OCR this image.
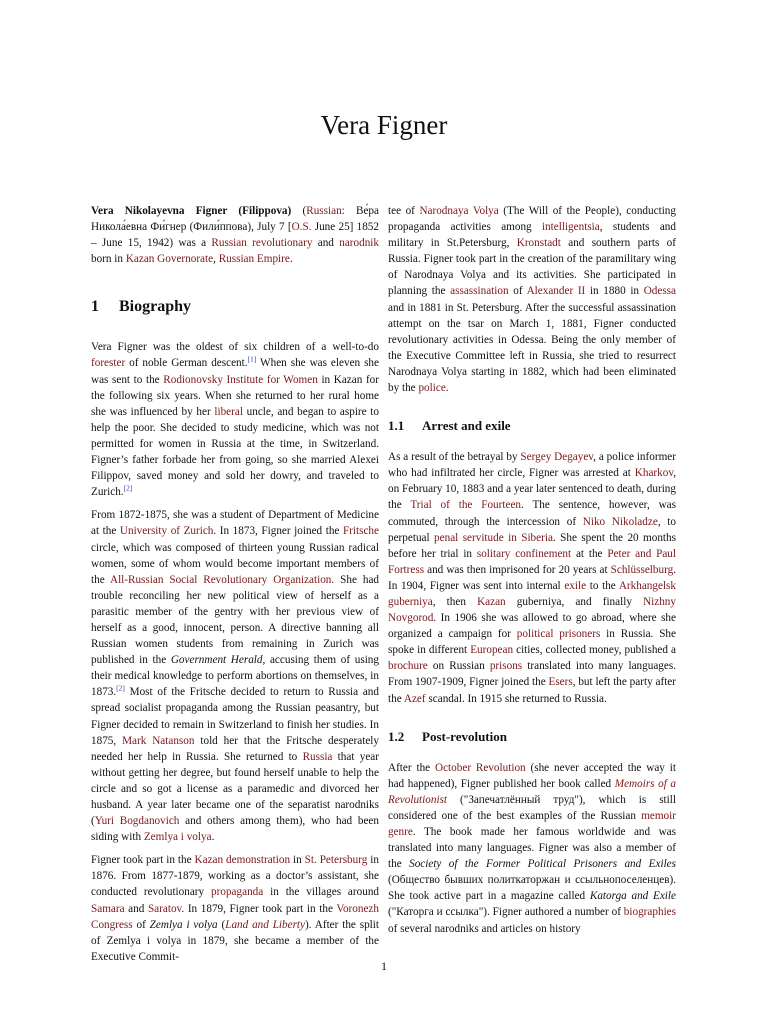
Vera Figner

Vera Nikolayevna Figner (Filippova) (Russian: Ве́ра Никола́евна Фи́гнер (Фили́ппова), July 7 [O.S. June 25] 1852 – June 15, 1942) was a Russian revolutionary and narodnik born in Kazan Governorate, Russian Empire.

1 Biography

Vera Figner was the oldest of six children of a well-to-do forester of noble German descent.[1] When she was eleven she was sent to the Rodionovsky Institute for Women in Kazan for the following six years. When she returned to her rural home she was influenced by her liberal uncle, and began to aspire to help the poor. She decided to study medicine, which was not permitted for women in Russia at the time, in Switzerland. Figner’s father forbade her from going, so she married Alexei Filippov, saved money and sold her dowry, and traveled to Zurich.[2]

From 1872-1875, she was a student of Department of Medicine at the University of Zurich. In 1873, Figner joined the Fritsche circle, which was composed of thirteen young Russian radical women, some of whom would become important members of the All-Russian Social Revolutionary Organization. She had trouble reconciling her new political view of herself as a parasitic member of the gentry with her previous view of herself as a good, innocent, person. A directive banning all Russian women students from remaining in Zurich was published in the Government Herald, accusing them of using their medical knowledge to perform abortions on themselves, in 1873.[2] Most of the Fritsche decided to return to Russia and spread socialist propaganda among the Russian peasantry, but Figner decided to remain in Switzerland to finish her studies. In 1875, Mark Natanson told her that the Fritsche desperately needed her help in Russia. She returned to Russia that year without getting her degree, but found herself unable to help the circle and so got a license as a paramedic and divorced her husband. A year later became one of the separatist narodniks (Yuri Bogdanovich and others among them), who had been siding with Zemlya i volya.

Figner took part in the Kazan demonstration in St. Petersburg in 1876. From 1877-1879, working as a doctor’s assistant, she conducted revolutionary propaganda in the villages around Samara and Saratov. In 1879, Figner took part in the Voronezh Congress of Zemlya i volya (Land and Liberty). After the split of Zemlya i volya in 1879, she became a member of the Executive Commit-

tee of Narodnaya Volya (The Will of the People), conducting propaganda activities among intelligentsia, students and military in St.Petersburg, Kronstadt and southern parts of Russia. Figner took part in the creation of the paramilitary wing of Narodnaya Volya and its activities. She participated in planning the assassination of Alexander II in 1880 in Odessa and in 1881 in St. Petersburg. After the successful assassination attempt on the tsar on March 1, 1881, Figner conducted revolutionary activities in Odessa. Being the only member of the Executive Committee left in Russia, she tried to resurrect Narodnaya Volya starting in 1882, which had been eliminated by the police.

1.1 Arrest and exile

As a result of the betrayal by Sergey Degayev, a police informer who had infiltrated her circle, Figner was arrested at Kharkov, on February 10, 1883 and a year later sentenced to death, during the Trial of the Fourteen. The sentence, however, was commuted, through the intercession of Niko Nikoladze, to perpetual penal servitude in Siberia. She spent the 20 months before her trial in solitary confinement at the Peter and Paul Fortress and was then imprisoned for 20 years at Schlüsselburg. In 1904, Figner was sent into internal exile to the Arkhangelsk guberniya, then Kazan guberniya, and finally Nizhny Novgorod. In 1906 she was allowed to go abroad, where she organized a campaign for political prisoners in Russia. She spoke in different European cities, collected money, published a brochure on Russian prisons translated into many languages. From 1907-1909, Figner joined the Esers, but left the party after the Azef scandal. In 1915 she returned to Russia.

1.2 Post-revolution

After the October Revolution (she never accepted the way it had happened), Figner published her book called Memoirs of a Revolutionist ("Запечатлённый труд"), which is still considered one of the best examples of the Russian memoir genre. The book made her famous worldwide and was translated into many languages. Figner was also a member of the Society of the Former Political Prisoners and Exiles (Общество бывших политкаторжан и ссыльнопоселенцев). She took active part in a magazine called Katorga and Exile ("Каторга и ссылка"). Figner authored a number of biographies of several narodniks and articles on history

1
